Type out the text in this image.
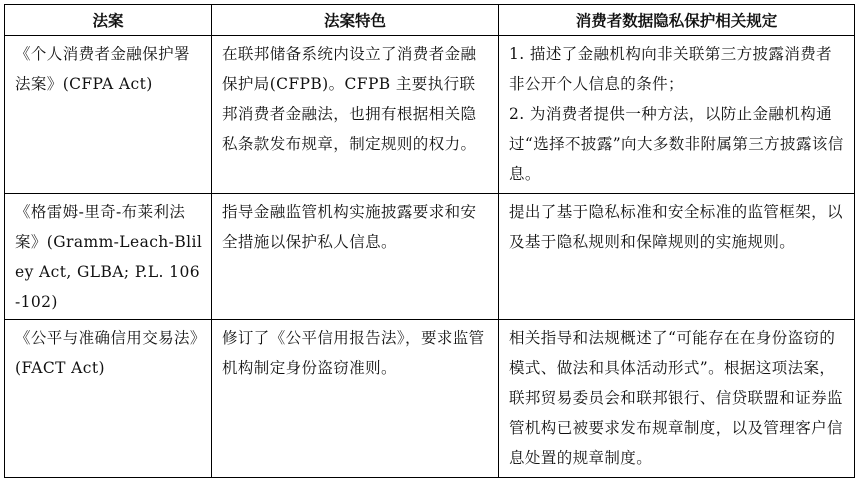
法案	法案特色	消费者数据隐私保护相关规定
《个人消费者金融保护署法案》(CFPA Act)	在联邦储备系统内设立了消费者金融保护局(CFPB)。CFPB 主要执行联邦消费者金融法，也拥有根据相关隐私条款发布规章，制定规则的权力。	1. 描述了金融机构向非关联第三方披露消费者非公开个人信息的条件；
2. 为消费者提供一种方法，以防止金融机构通过“选择不披露”向大多数非附属第三方披露该信息。
《格雷姆-里奇-布莱利法案》(Gramm-Leach-Bliley Act, GLBA; P.L. 106-102)	指导金融监管机构实施披露要求和安全措施以保护私人信息。	提出了基于隐私标准和安全标准的监管框架，以及基于隐私规则和保障规则的实施规则。
《公平与准确信用交易法》(FACT Act)	修订了《公平信用报告法》，要求监管机构制定身份盗窃准则。	相关指导和法规概述了“可能存在在身份盗窃的模式、做法和具体活动形式”。根据这项法案，联邦贸易委员会和联邦银行、信贷联盟和证券监管机构已被要求发布规章制度，以及管理客户信息处置的规章制度。
